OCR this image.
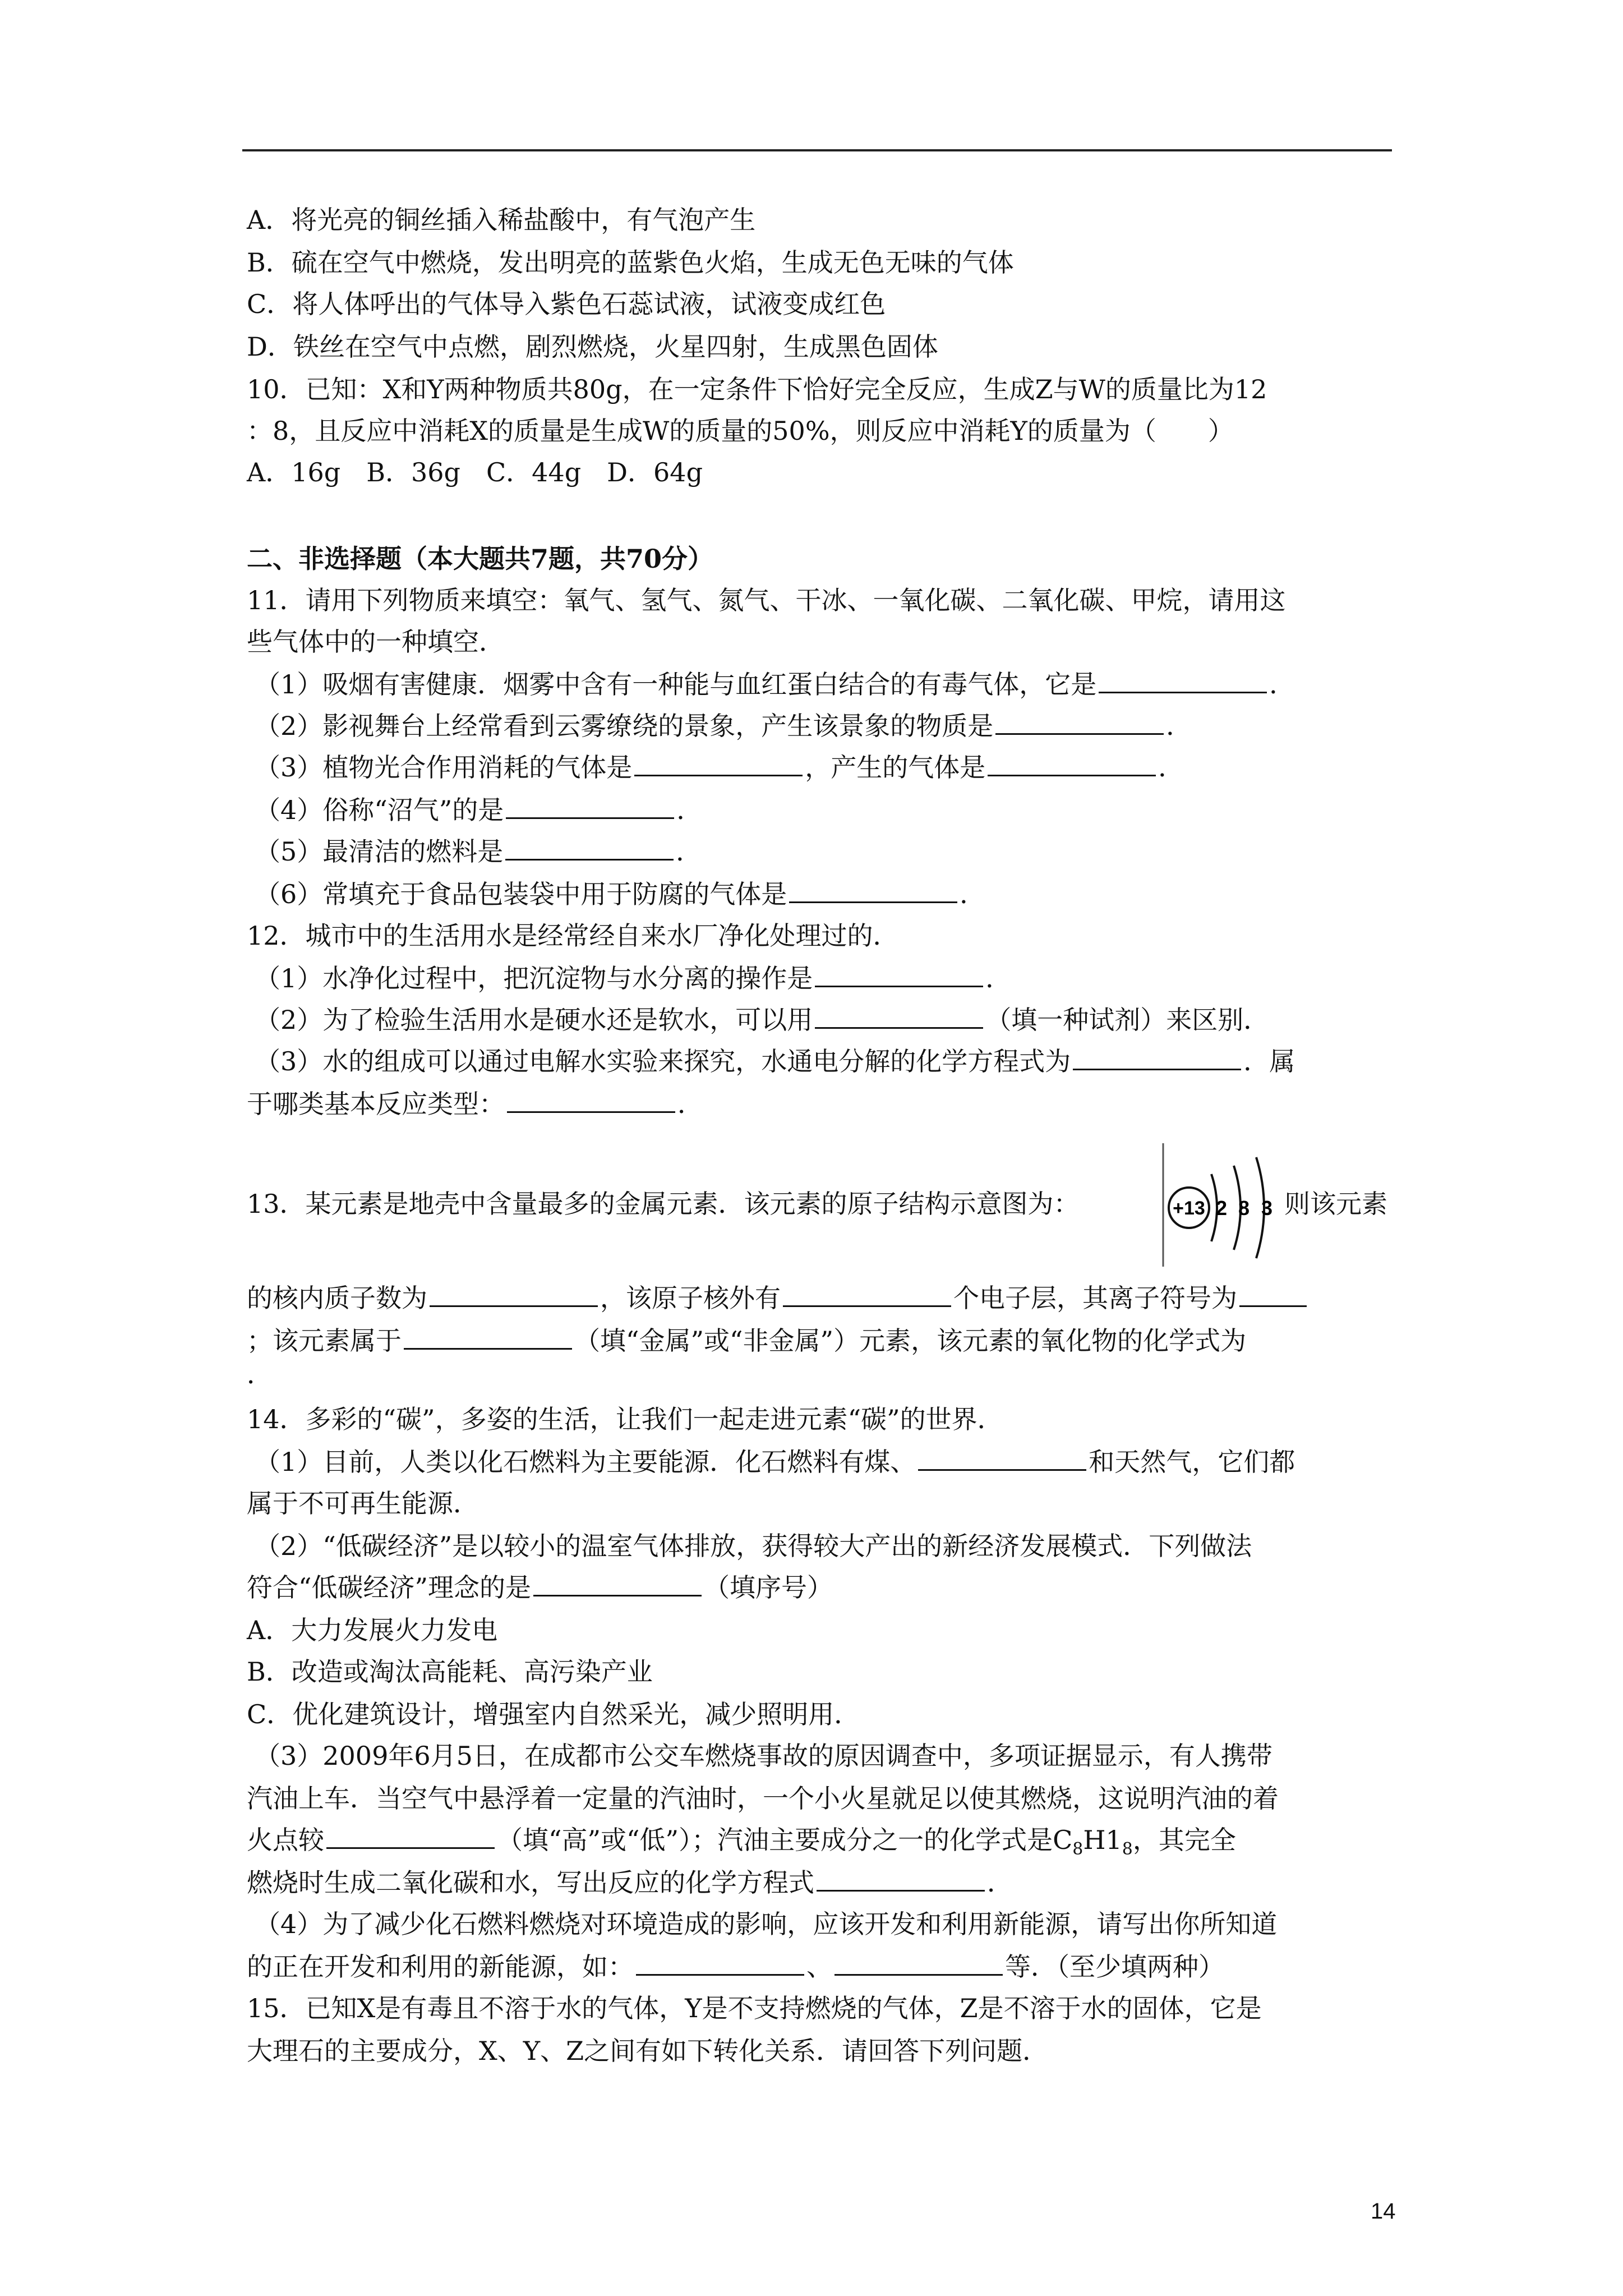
A．将光亮的铜丝插入稀盐酸中，有气泡产生
B．硫在空气中燃烧，发出明亮的蓝紫色火焰，生成无色无味的气体
C．将人体呼出的气体导入紫色石蕊试液，试液变成红色
D．铁丝在空气中点燃，剧烈燃烧，火星四射，生成黑色固体
10．已知：X和Y两种物质共80g，在一定条件下恰好完全反应，生成Z与W的质量比为12
：8，且反应中消耗X的质量是生成W的质量的50%，则反应中消耗Y的质量为（　　）
A．16g　B．36g　C．44g　D．64g
二、非选择题（本大题共7题，共70分）
11．请用下列物质来填空：氧气、氢气、氮气、干冰、一氧化碳、二氧化碳、甲烷，请用这
些气体中的一种填空．
（1）吸烟有害健康．烟雾中含有一种能与血红蛋白结合的有毒气体，它是	．
（2）影视舞台上经常看到云雾缭绕的景象，产生该景象的物质是	．
（3）植物光合作用消耗的气体是	，产生的气体是	．
（4）俗称“沼气”的是	．
（5）最清洁的燃料是	．
（6）常填充于食品包装袋中用于防腐的气体是	．
12．城市中的生活用水是经常经自来水厂净化处理过的．
（1）水净化过程中，把沉淀物与水分离的操作是	．
（2）为了检验生活用水是硬水还是软水，可以用	（填一种试剂）来区别．
（3）水的组成可以通过电解水实验来探究，水通电分解的化学方程式为	．属
于哪类基本反应类型：	．
13．某元素是地壳中含量最多的金属元素．该元素的原子结构示意图为：	+13 2 8 3 则该元素
的核内质子数为	，该原子核外有	个电子层，其离子符号为
；该元素属于	（填“金属”或“非金属”）元素，该元素的氧化物的化学式为
．
14．多彩的“碳”，多姿的生活，让我们一起走进元素“碳”的世界．
（1）目前，人类以化石燃料为主要能源．化石燃料有煤、	和天然气，它们都
属于不可再生能源．
（2）“低碳经济”是以较小的温室气体排放，获得较大产出的新经济发展模式．下列做法
符合“低碳经济”理念的是	（填序号）
A．大力发展火力发电
B．改造或淘汰高能耗、高污染产业
C．优化建筑设计，增强室内自然采光，减少照明用．
（3）2009年6月5日，在成都市公交车燃烧事故的原因调查中，多项证据显示，有人携带
汽油上车．当空气中悬浮着一定量的汽油时，一个小火星就足以使其燃烧，这说明汽油的着
火点较	（填“高”或“低”）；汽油主要成分之一的化学式是$C_8H1_8$，其完全
燃烧时生成二氧化碳和水，写出反应的化学方程式	．
（4）为了减少化石燃料燃烧对环境造成的影响，应该开发和利用新能源，请写出你所知道
的正在开发和利用的新能源，如：	、	等．（至少填两种）
15．已知X是有毒且不溶于水的气体，Y是不支持燃烧的气体，Z是不溶于水的固体，它是
大理石的主要成分，X、Y、Z之间有如下转化关系．请回答下列问题．
14
